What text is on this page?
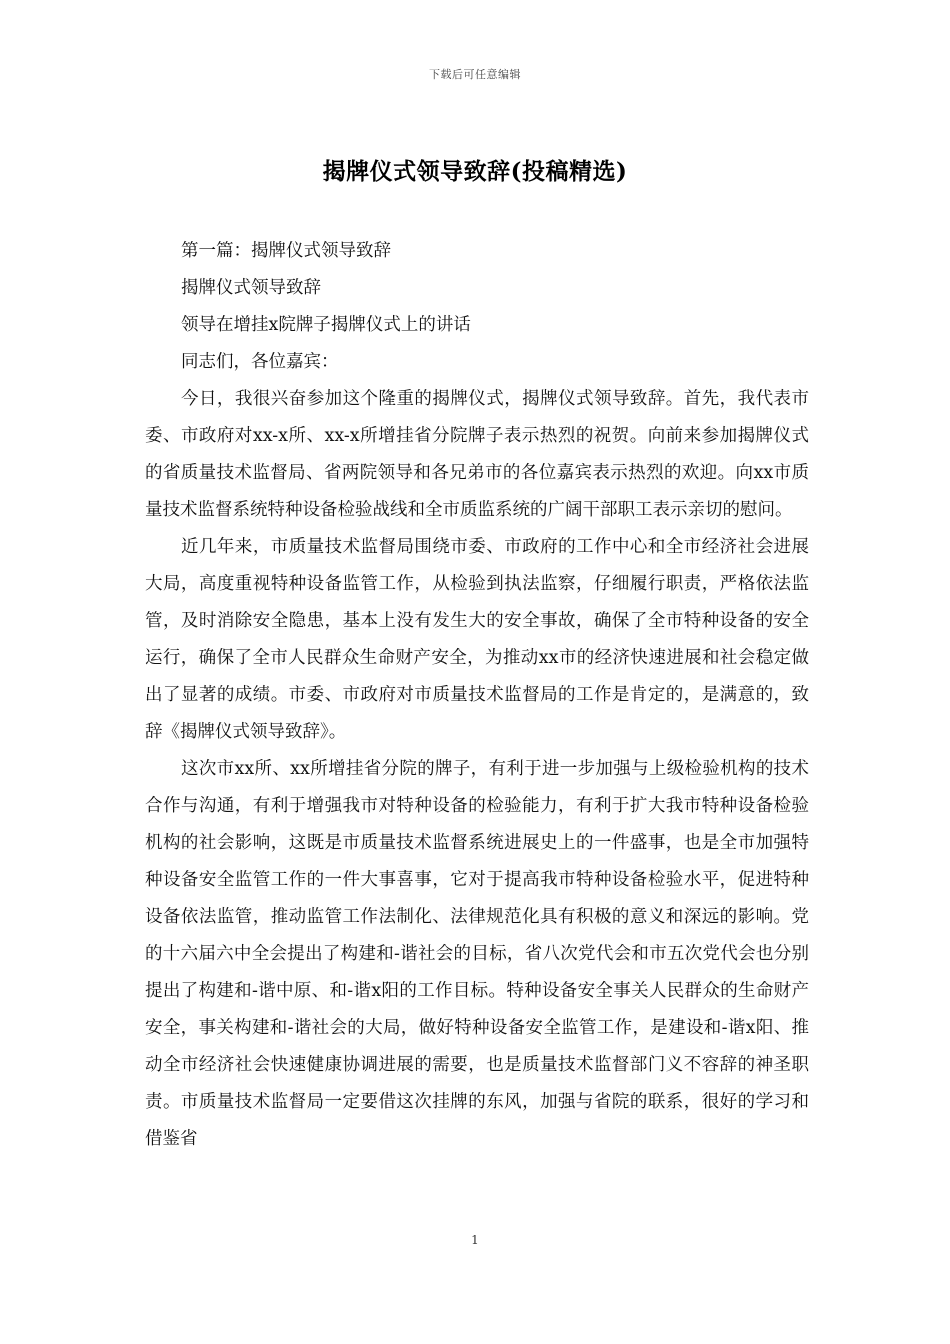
下载后可任意编辑
揭牌仪式领导致辞(投稿精选)

第一篇：揭牌仪式领导致辞

揭牌仪式领导致辞

领导在增挂x院牌子揭牌仪式上的讲话

同志们，各位嘉宾：

今日，我很兴奋参加这个隆重的揭牌仪式，揭牌仪式领导致辞。首先，我代表市委、市政府对xx-x所、xx-x所增挂省分院牌子表示热烈的祝贺。向前来参加揭牌仪式的省质量技术监督局、省两院领导和各兄弟市的各位嘉宾表示热烈的欢迎。向xx市质量技术监督系统特种设备检验战线和全市质监系统的广阔干部职工表示亲切的慰问。

近几年来，市质量技术监督局围绕市委、市政府的工作中心和全市经济社会进展大局，高度重视特种设备监管工作，从检验到执法监察，仔细履行职责，严格依法监管，及时消除安全隐患，基本上没有发生大的安全事故，确保了全市特种设备的安全运行，确保了全市人民群众生命财产安全，为推动xx市的经济快速进展和社会稳定做出了显著的成绩。市委、市政府对市质量技术监督局的工作是肯定的，是满意的，致辞《揭牌仪式领导致辞》。

这次市xx所、xx所增挂省分院的牌子，有利于进一步加强与上级检验机构的技术合作与沟通，有利于增强我市对特种设备的检验能力，有利于扩大我市特种设备检验机构的社会影响，这既是市质量技术监督系统进展史上的一件盛事，也是全市加强特种设备安全监管工作的一件大事喜事，它对于提高我市特种设备检验水平，促进特种设备依法监管，推动监管工作法制化、法律规范化具有积极的意义和深远的影响。党的十六届六中全会提出了构建和-谐社会的目标，省八次党代会和市五次党代会也分别提出了构建和-谐中原、和-谐x阳的工作目标。特种设备安全事关人民群众的生命财产安全，事关构建和-谐社会的大局，做好特种设备安全监管工作，是建设和-谐x阳、推动全市经济社会快速健康协调进展的需要，也是质量技术监督部门义不容辞的神圣职责。市质量技术监督局一定要借这次挂牌的东风，加强与省院的联系，很好的学习和借鉴省

1
